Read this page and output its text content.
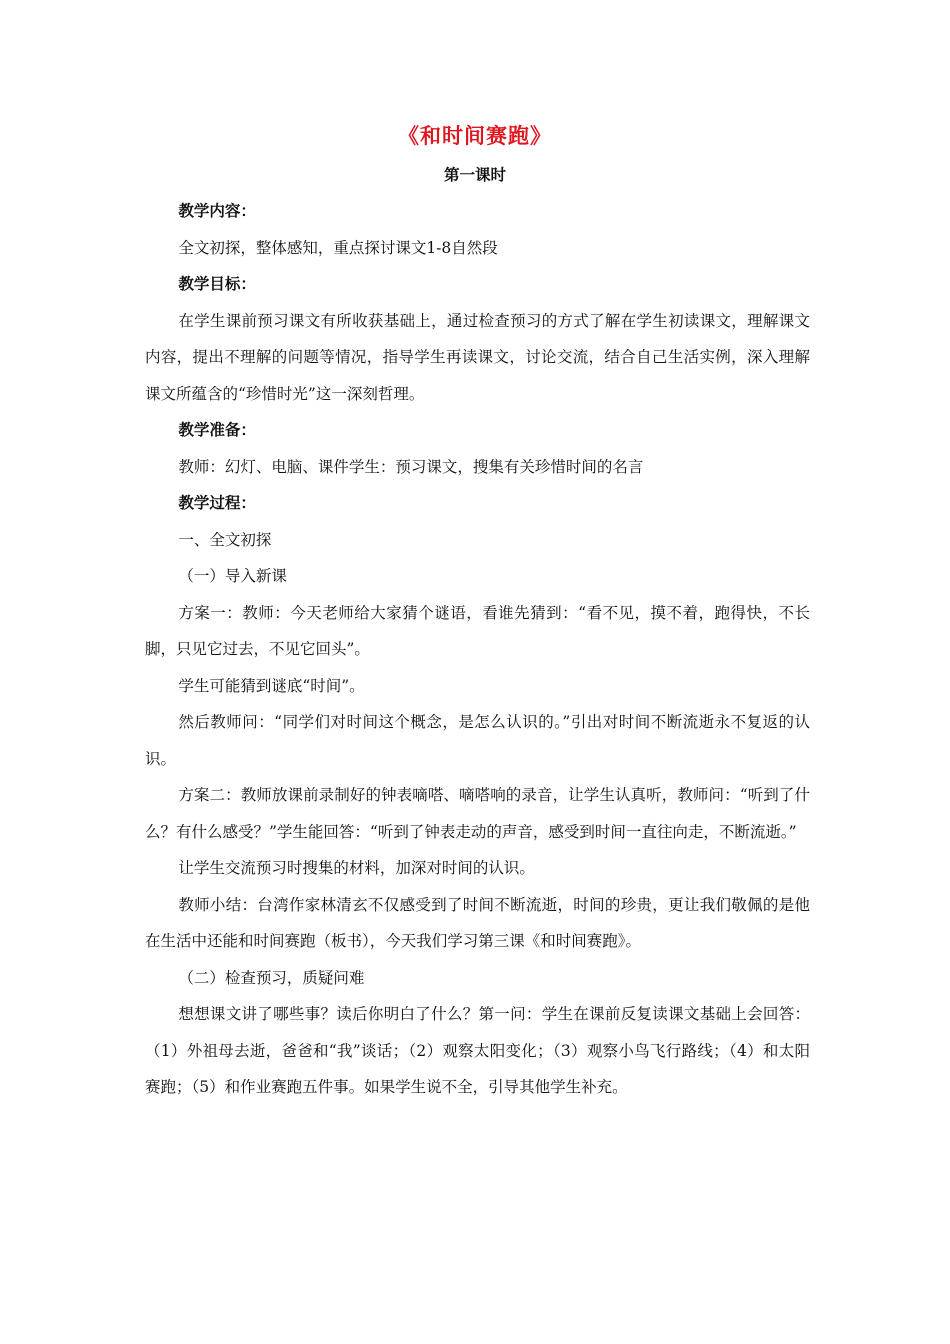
《和时间赛跑》
第一课时

教学内容：

全文初探，整体感知，重点探讨课文1-8自然段

教学目标：

在学生课前预习课文有所收获基础上，通过检查预习的方式了解在学生初读课文，理解课文内容，提出不理解的问题等情况，指导学生再读课文，讨论交流，结合自己生活实例，深入理解课文所蕴含的“珍惜时光”这一深刻哲理。

教学准备：

教师：幻灯、电脑、课件学生：预习课文，搜集有关珍惜时间的名言

教学过程：

一、全文初探

（一）导入新课

方案一：教师：今天老师给大家猜个谜语，看谁先猜到：“看不见，摸不着，跑得快，不长脚，只见它过去，不见它回头”。

学生可能猜到谜底“时间”。

然后教师问：“同学们对时间这个概念，是怎么认识的。”引出对时间不断流逝永不复返的认识。

方案二：教师放课前录制好的钟表嘀嗒、嘀嗒响的录音，让学生认真听，教师问：“听到了什么？有什么感受？”学生能回答：“听到了钟表走动的声音，感受到时间一直往向走，不断流逝。”

让学生交流预习时搜集的材料，加深对时间的认识。

教师小结：台湾作家林清玄不仅感受到了时间不断流逝，时间的珍贵，更让我们敬佩的是他在生活中还能和时间赛跑（板书），今天我们学习第三课《和时间赛跑》。

（二）检查预习，质疑问难

想想课文讲了哪些事？读后你明白了什么？第一问：学生在课前反复读课文基础上会回答：（1）外祖母去逝，爸爸和“我”谈话；（2）观察太阳变化；（3）观察小鸟飞行路线；（4）和太阳赛跑；（5）和作业赛跑五件事。如果学生说不全，引导其他学生补充。
